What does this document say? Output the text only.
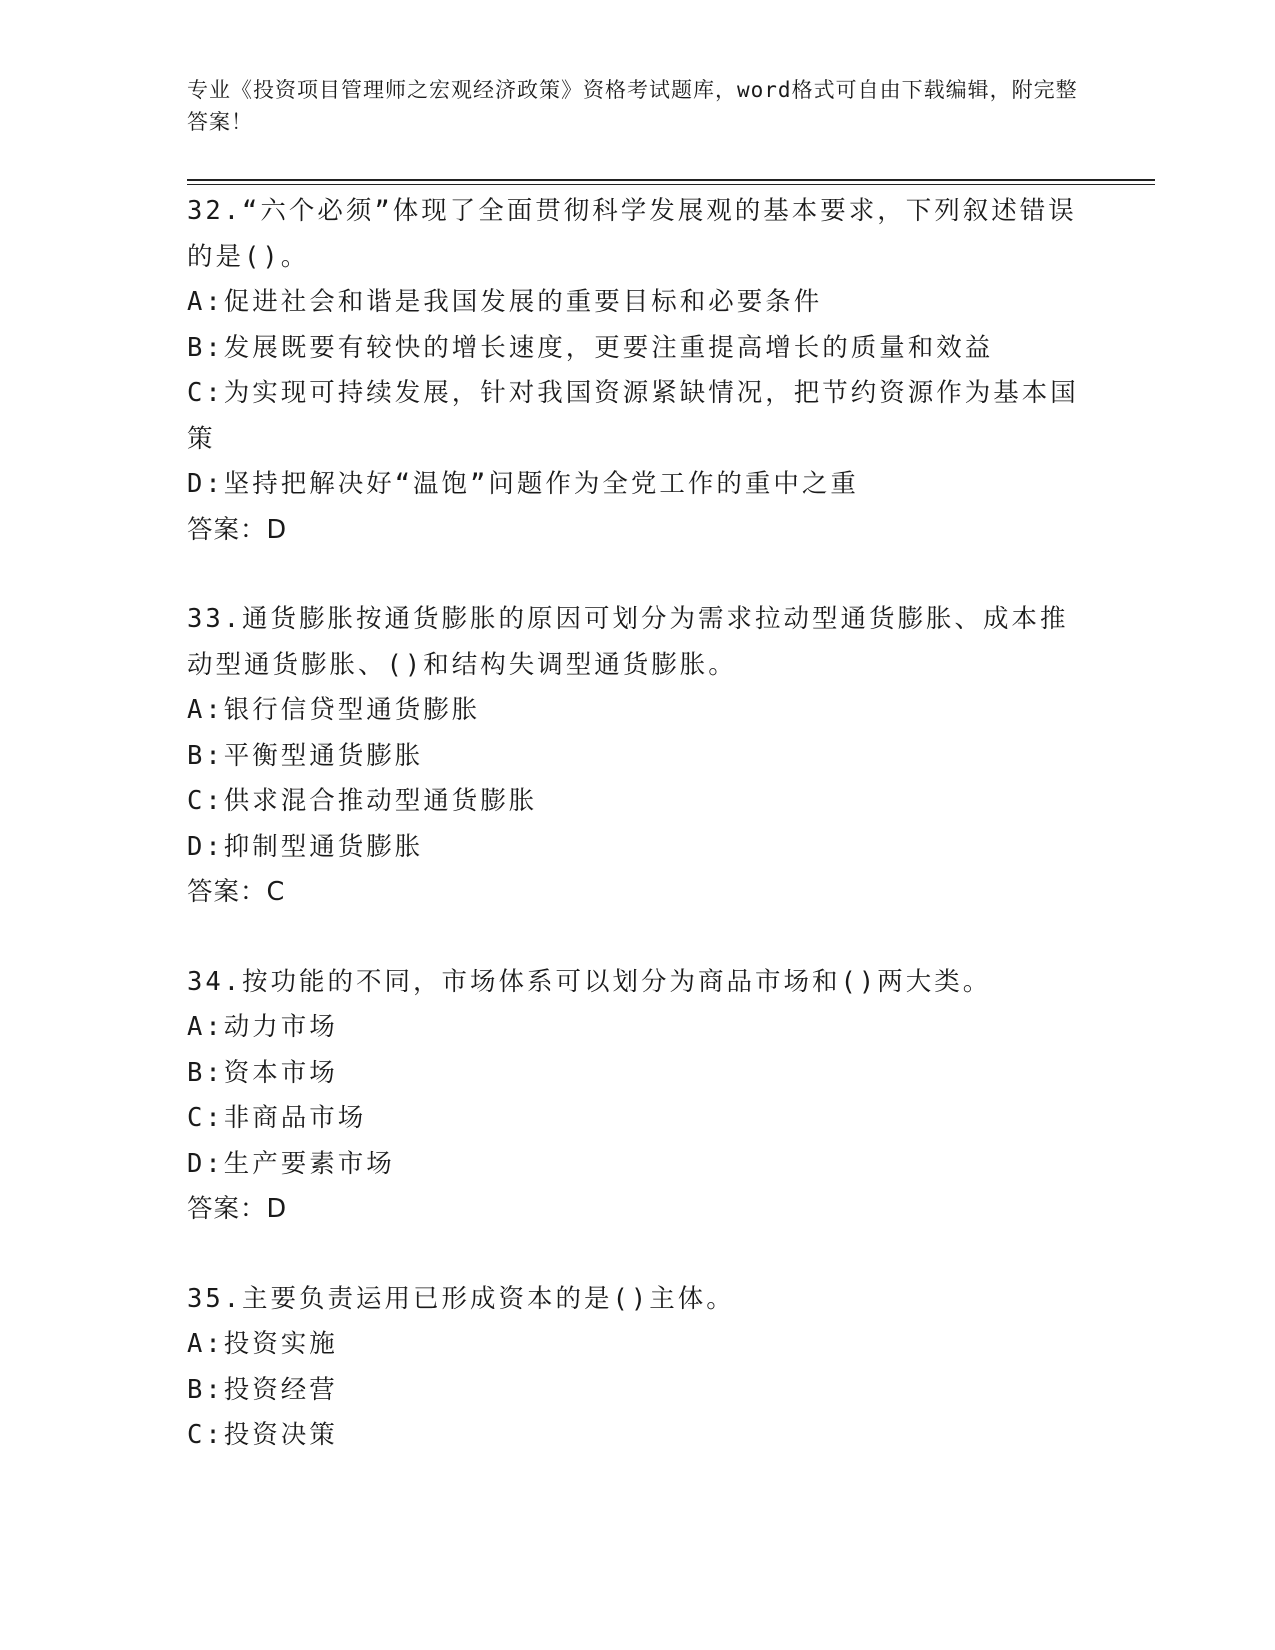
专业《投资项目管理师之宏观经济政策》资格考试题库，word格式可自由下载编辑，附完整答案！

32.“六个必须”体现了全面贯彻科学发展观的基本要求，下列叙述错误的是()。

A:促进社会和谐是我国发展的重要目标和必要条件

B:发展既要有较快的增长速度，更要注重提高增长的质量和效益

C:为实现可持续发展，针对我国资源紧缺情况，把节约资源作为基本国策

D:坚持把解决好“温饱”问题作为全党工作的重中之重

答案：D

33.通货膨胀按通货膨胀的原因可划分为需求拉动型通货膨胀、成本推动型通货膨胀、()和结构失调型通货膨胀。

A:银行信贷型通货膨胀

B:平衡型通货膨胀

C:供求混合推动型通货膨胀

D:抑制型通货膨胀

答案：C

34.按功能的不同，市场体系可以划分为商品市场和()两大类。

A:动力市场

B:资本市场

C:非商品市场

D:生产要素市场

答案：D

35.主要负责运用已形成资本的是()主体。

A:投资实施

B:投资经营

C:投资决策
